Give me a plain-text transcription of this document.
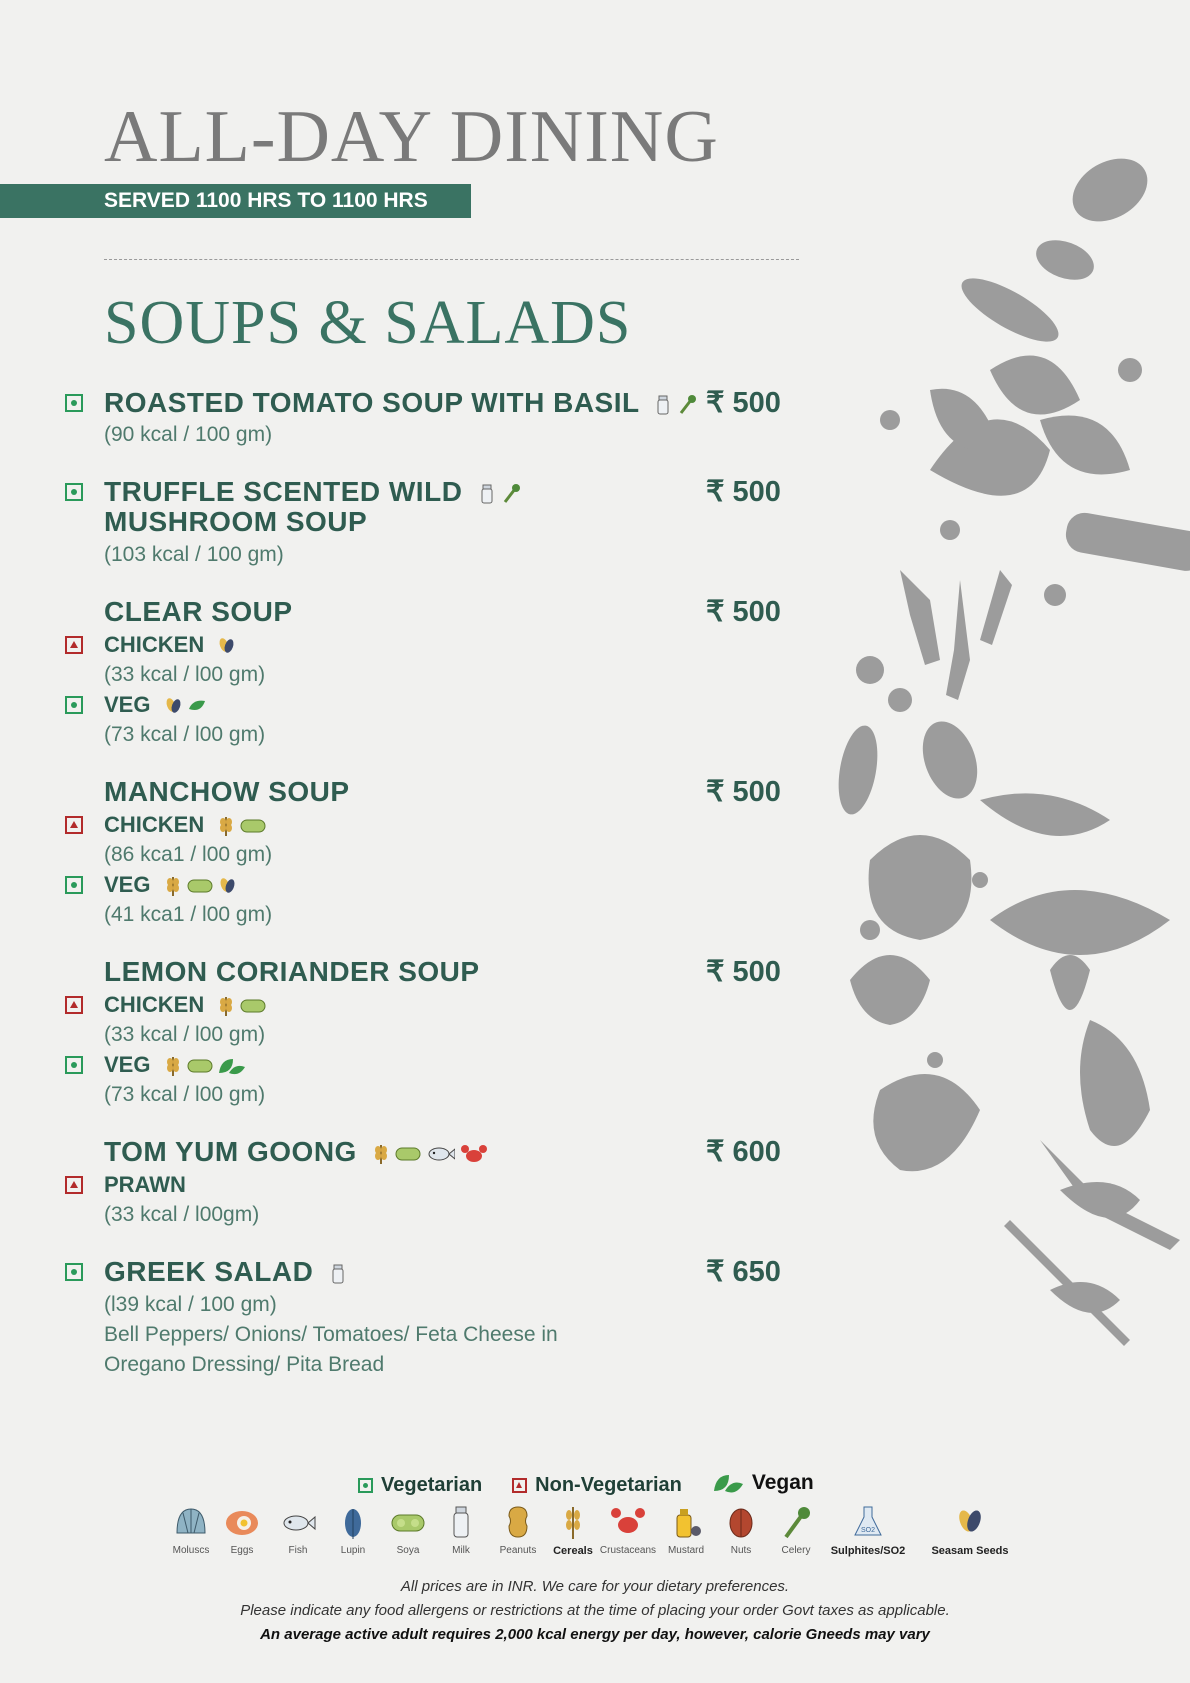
ALL-DAY DINING
SERVED 1100 HRS TO 1100 HRS
SOUPS & SALADS
ROASTED TOMATO SOUP WITH BASIL	₹ 500
(90 kcal / 100 gm)
TRUFFLE SCENTED WILD
MUSHROOM SOUP
₹ 500
(103 kcal / 100 gm)
CLEAR SOUP	₹ 500
CHICKEN
(33 kcal / l00 gm)
VEG
(73 kcal / l00 gm)
MANCHOW SOUP	₹ 500
CHICKEN
(86 kca1 / l00 gm)
VEG
(41 kca1 / l00 gm)
LEMON CORIANDER SOUP	₹ 500
CHICKEN
(33 kcal / l00 gm)
VEG
(73 kcal / l00 gm)
TOM YUM GOONG	₹ 600
PRAWN
(33 kcal / l00gm)
GREEK SALAD	₹ 650
(l39 kcal / 100 gm)
Bell Peppers/ Onions/ Tomatoes/ Feta Cheese in
Oregano Dressing/ Pita Bread
Vegetarian	Non-Vegetarian	Vegan
Moluscs	Eggs	Fish	Lupin	Soya	Milk	Peanuts	Cereals Crustaceans	Mustard	Nuts	Celery
SO2
Sulphites/SO2	Seasam Seeds
All prices are in INR. We care for your dietary preferences.
Please indicate any food allergens or restrictions at the time of placing your order Govt taxes as applicable.
An average active adult requires 2,000 kcal energy per day, however, calorie Gneeds may vary
